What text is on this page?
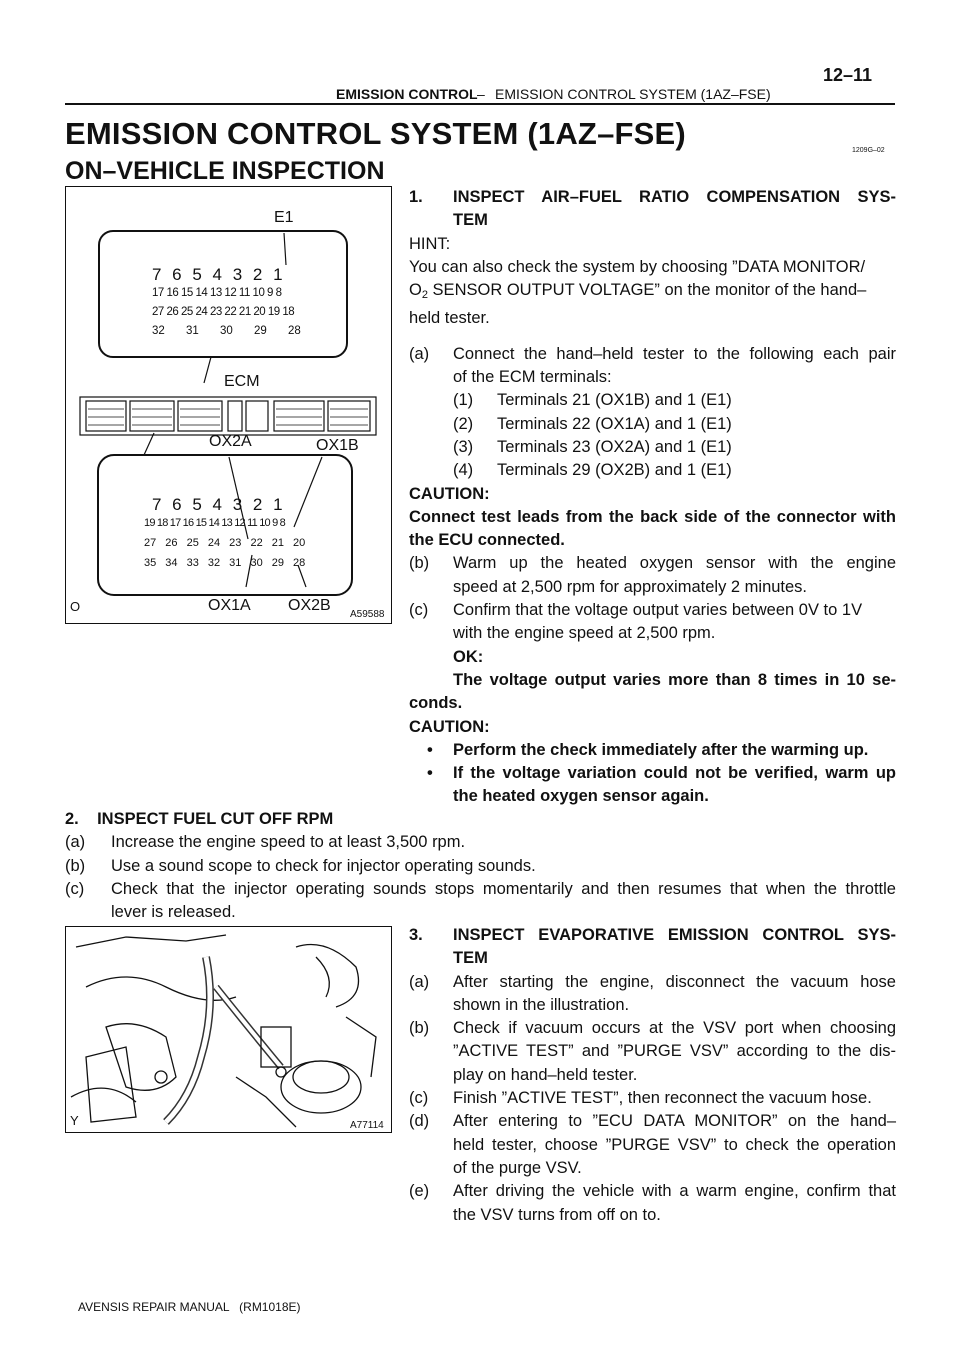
EMISSION CONTROL – EMISSION CONTROL SYSTEM (1AZ–FSE)
12–11
EMISSION CONTROL SYSTEM (1AZ–FSE)	1209G–02
ON–VEHICLE INSPECTION
7 6 5 4 3 2 1
17 16 15 14 13 12 11 10 9 8
27 26 25 24 23 22 21 20 19 18
32 31 30 29 28
7 6 5 4 3 2 1
19 18 17 16 15 14 13 12 11 10 9 8
27 26 25 24 23 22 21 20
35 34 33 32 31 30 29 28
E1
ECM
OX2A	OX1B
OX1A OX2B
O
A59588
1. INSPECT AIR–FUEL RATIO COMPENSATION SYS-
TEM
HINT:
You can also check the system by choosing ”DATA MONITOR/
$O_2$ SENSOR OUTPUT VOLTAGE” on the monitor of the hand–
held tester.
(a) Connect the hand–held tester to the following each pair
of the ECM terminals:
(1) Terminals 21 (OX1B) and 1 (E1)
(2) Terminals 22 (OX1A) and 1 (E1)
(3) Terminals 23 (OX2A) and 1 (E1)
(4) Terminals 29 (OX2B) and 1 (E1)
CAUTION:
Connect test leads from the back side of the connector with
the ECU connected.
(b) Warm up the heated oxygen sensor with the engine
speed at 2,500 rpm for approximately 2 minutes.
(c) Confirm that the voltage output varies between 0V to 1V
with the engine speed at 2,500 rpm.
OK:
The voltage output varies more than 8 times in 10 se-
conds.
CAUTION:
• Perform the check immediately after the warming up.
• If the voltage variation could not be verified, warm up
the heated oxygen sensor again.
2.    INSPECT FUEL CUT OFF RPM
(a) Increase the engine speed to at least 3,500 rpm.
(b) Use a sound scope to check for injector operating sounds.
(c) Check that the injector operating sounds stops momentarily and then resumes that when the throttle
lever is released.
Y	A77114
3. INSPECT EVAPORATIVE EMISSION CONTROL SYS-
TEM
(a) After starting the engine, disconnect the vacuum hose
shown in the illustration.
(b) Check if vacuum occurs at the VSV port when choosing
”ACTIVE TEST” and ”PURGE VSV” according to the dis-
play on hand–held tester.
(c) Finish ”ACTIVE TEST”, then reconnect the vacuum hose.
(d) After entering to ”ECU DATA MONITOR” on the hand–
held tester, choose ”PURGE VSV” to check the operation
of the purge VSV.
(e) After driving the vehicle with a warm engine, confirm that
the VSV turns from off on to.
AVENSIS REPAIR MANUAL   (RM1018E)
